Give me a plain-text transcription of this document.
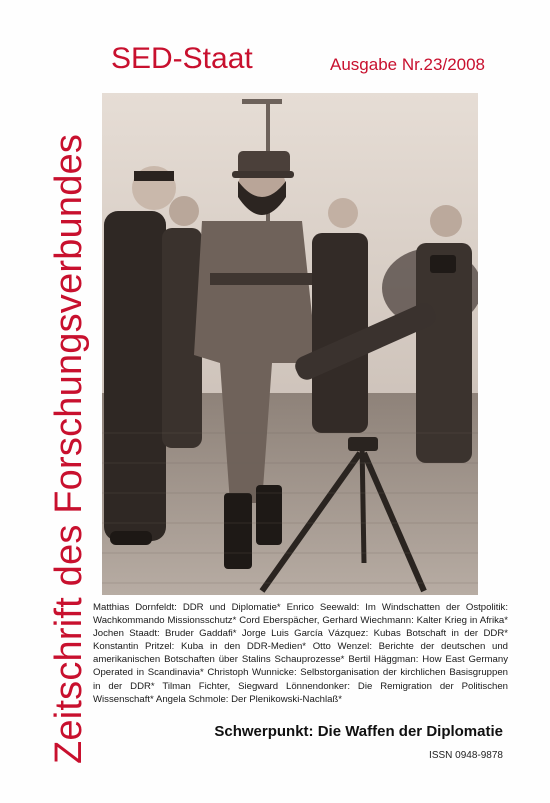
Zeitschrift des Forschungsverbundes
SED-Staat	Ausgabe Nr.23/2008
Matthias Dornfeldt: DDR und Diplomatie* Enrico Seewald: Im Windschatten der Ostpolitik: Wachkommando Missionsschutz* Cord Eberspächer, Gerhard Wiechmann: Kalter Krieg in Afrika* Jochen Staadt: Bruder Gaddafi* Jorge Luis García Vázquez: Kubas Botschaft in der DDR* Konstantin Pritzel: Kuba in den DDR-Medien* Otto Wenzel: Berichte der deutschen und amerikanischen Botschaften über Stalins Schauprozesse* Bertil Häggman: How East Germany Operated in Scandinavia* Christoph Wunnicke: Selbstorganisation der kirchlichen Basisgruppen in der DDR* Tilman Fichter, Siegward Lönnendonker: Die Remigration der Politischen Wissenschaft* Angela Schmole: Der Plenikowski-Nachlaß*
Schwerpunkt: Die Waffen der Diplomatie
ISSN 0948-9878
